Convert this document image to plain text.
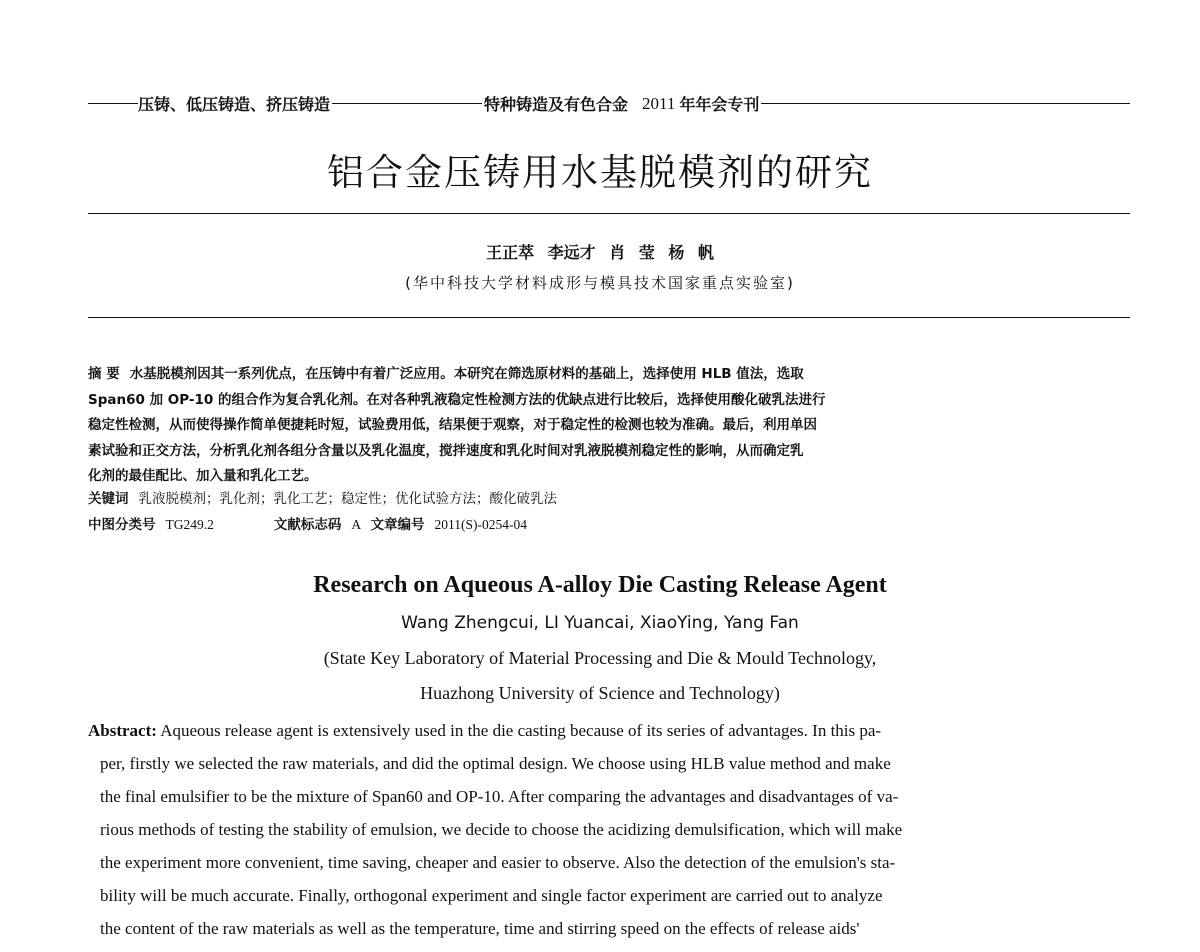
压铸、低压铸造、挤压铸造	特种铸造及有色合金 2011 年年会专刊
铝合金压铸用水基脱模剂的研究
王正萃 李远才 肖 莹 杨 帆
(华中科技大学材料成形与模具技术国家重点实验室)
摘 要 水基脱模剂因其一系列优点，在压铸中有着广泛应用。本研究在筛选原材料的基础上，选择使用 HLB 值法，选取
Span60 加 OP-10 的组合作为复合乳化剂。在对各种乳液稳定性检测方法的优缺点进行比较后，选择使用酸化破乳法进行
稳定性检测，从而使得操作简单便捷耗时短，试验费用低，结果便于观察，对于稳定性的检测也较为准确。最后，利用单因
素试验和正交方法，分析乳化剂各组分含量以及乳化温度，搅拌速度和乳化时间对乳液脱模剂稳定性的影响，从而确定乳
化剂的最佳配比、加入量和乳化工艺。
关键词 乳液脱模剂；乳化剂；乳化工艺；稳定性；优化试验方法；酸化破乳法
中图分类号 TG249.2	文献标志码 A 文章编号 2011(S)-0254-04
Research on Aqueous A-alloy Die Casting Release Agent
Wang Zhengcui, LI Yuancai, XiaoYing, Yang Fan
(State Key Laboratory of Material Processing and Die & Mould Technology,
Huazhong University of Science and Technology)
Abstract: Aqueous release agent is extensively used in the die casting because of its series of advantages. In this pa-
per, firstly we selected the raw materials, and did the optimal design. We choose using HLB value method and make
the final emulsifier to be the mixture of Span60 and OP-10. After comparing the advantages and disadvantages of va-
rious methods of testing the stability of emulsion, we decide to choose the acidizing demulsification, which will make
the experiment more convenient, time saving, cheaper and easier to observe. Also the detection of the emulsion's sta-
bility will be much accurate. Finally, orthogonal experiment and single factor experiment are carried out to analyze
the content of the raw materials as well as the temperature, time and stirring speed on the effects of release aids'
